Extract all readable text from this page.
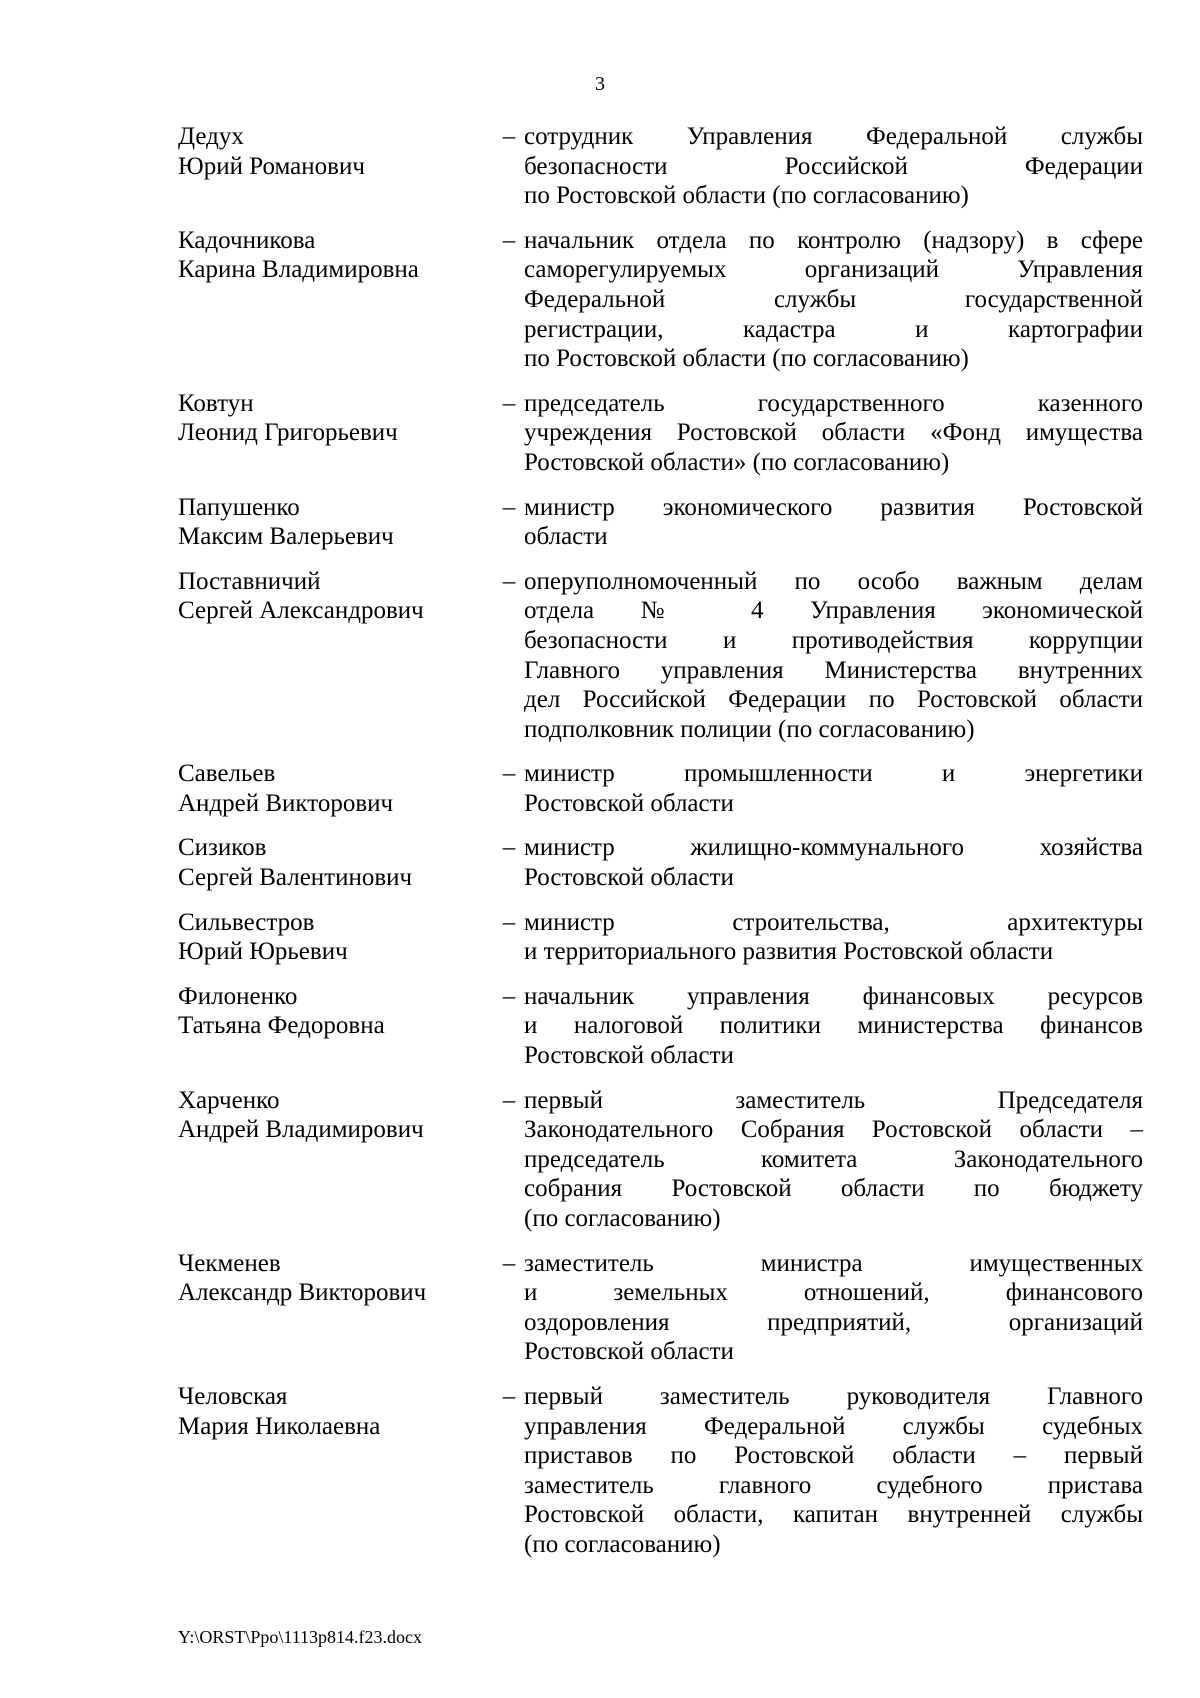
3
Дедух
Юрий Романович
– сотрудник Управления Федеральной службы
безопасности Российской Федерации
по Ростовской области (по согласованию)
Кадочникова
Карина Владимировна
– начальник отдела по контролю (надзору) в сфере
саморегулируемых организаций Управления
Федеральной службы государственной
регистрации, кадастра и картографии
по Ростовской области (по согласованию)
Ковтун
Леонид Григорьевич
– председатель государственного казенного
учреждения Ростовской области «Фонд имущества
Ростовской области» (по согласованию)
Папушенко
Максим Валерьевич
– министр экономического развития Ростовской
области
Поставничий
Сергей Александрович
– оперуполномоченный по особо важным делам
отдела № 4 Управления экономической
безопасности и противодействия коррупции
Главного управления Министерства внутренних
дел Российской Федерации по Ростовской области
подполковник полиции (по согласованию)
Савельев
Андрей Викторович
– министр промышленности и энергетики
Ростовской области
Сизиков
Сергей Валентинович
– министр жилищно-коммунального хозяйства
Ростовской области
Сильвестров
Юрий Юрьевич
– министр строительства, архитектуры
и территориального развития Ростовской области
Филоненко
Татьяна Федоровна
– начальник управления финансовых ресурсов
и налоговой политики министерства финансов
Ростовской области
Харченко
Андрей Владимирович
– первый заместитель Председателя
Законодательного Собрания Ростовской области –
председатель комитета Законодательного
собрания Ростовской области по бюджету
(по согласованию)
Чекменев
Александр Викторович
– заместитель министра имущественных
и земельных отношений, финансового
оздоровления предприятий, организаций
Ростовской области
Человская
Мария Николаевна
– первый заместитель руководителя Главного
управления Федеральной службы судебных
приставов по Ростовской области – первый
заместитель главного судебного пристава
Ростовской области, капитан внутренней службы
(по согласованию)
Y:\ORST\Ppo\1113p814.f23.docx
